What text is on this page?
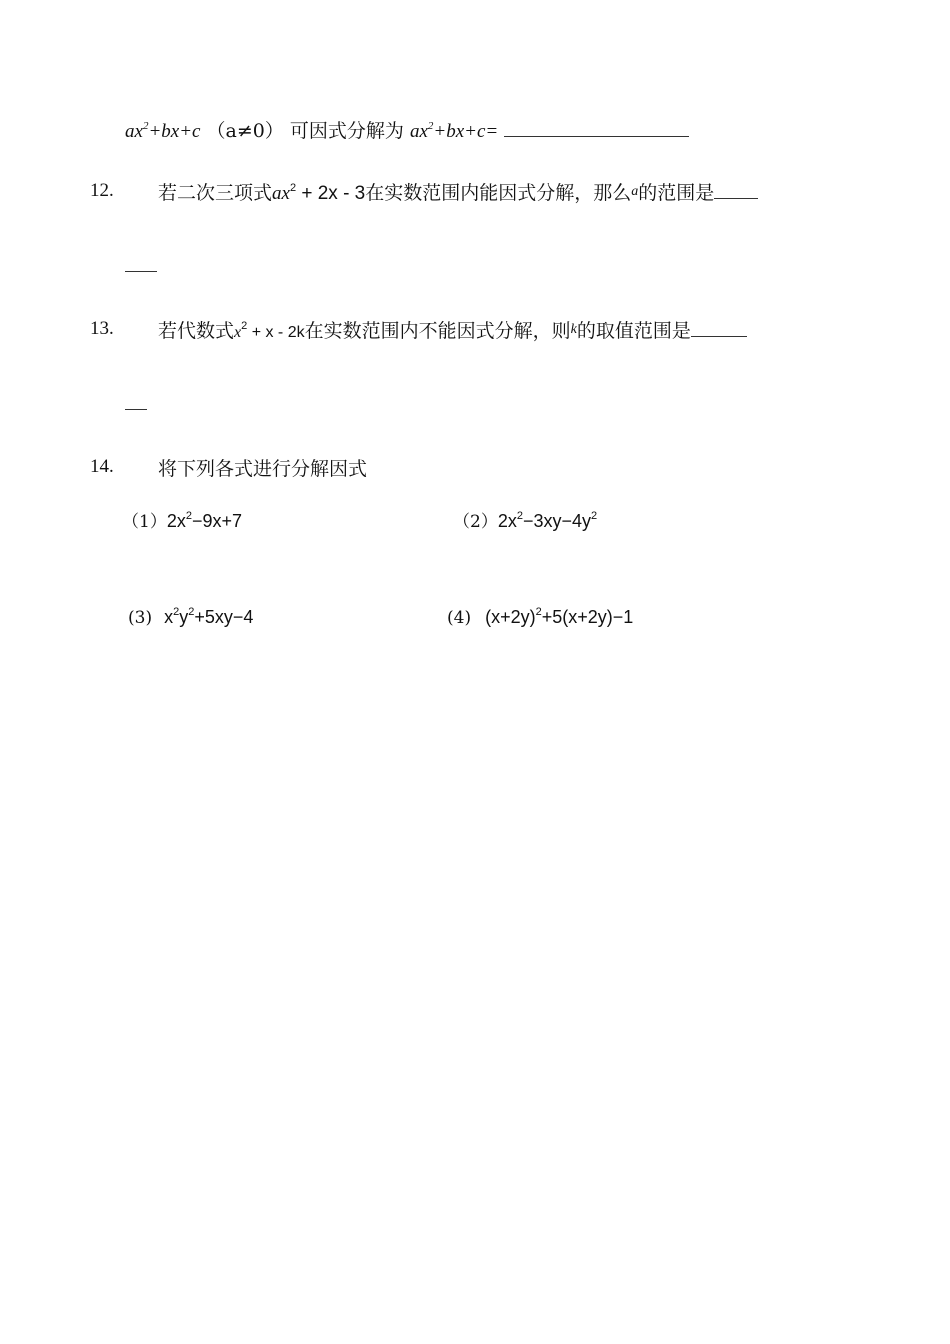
$ax^2+bx+c$ （a≠0） 可因式分解为 $ax^2+bx+c=$
12. 若二次三项式$ax^2 + 2x - 3$在实数范围内能因式分解，那么$^a$的范围是
13. 若代数式$x^2 + x - 2k$在实数范围内不能因式分解，则$^k$的取值范围是
14. 将下列各式进行分解因式
$(1)2x^2-9x+7$	$(2)2x^2-3xy-4y^2$
(3) $x^2y^2+5xy-4$	(4) $(x+2y)^2+5(x+2y)-1$
